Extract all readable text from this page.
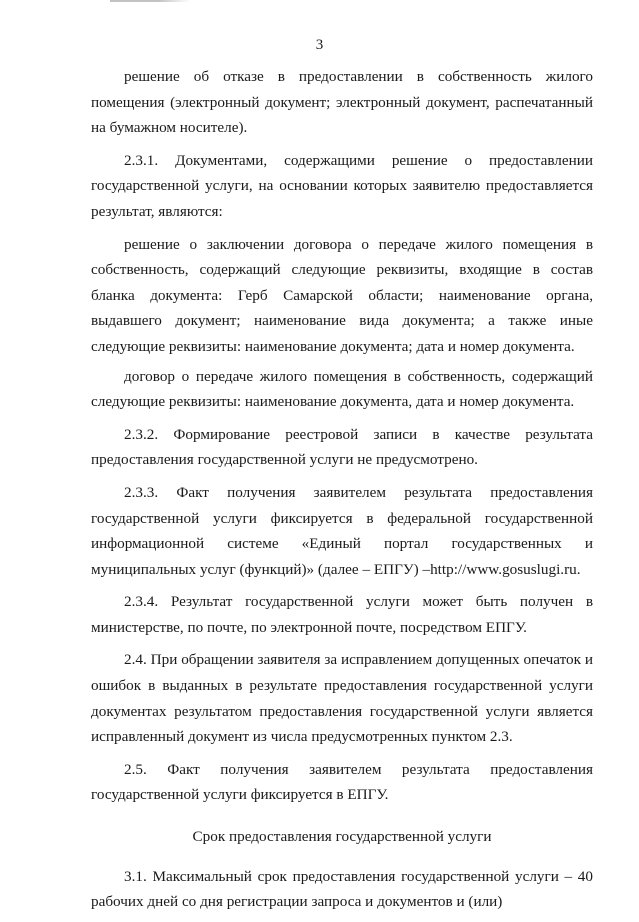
3

решение об отказе в предоставлении в собственность жилого помещения (электронный документ; электронный документ, распечатанный на бумажном носителе).

2.3.1. Документами, содержащими решение о предоставлении государственной услуги, на основании которых заявителю предоставляется результат, являются:

решение о заключении договора о передаче жилого помещения в собственность, содержащий следующие реквизиты, входящие в состав бланка документа: Герб Самарской области; наименование органа, выдавшего документ; наименование вида документа; а также иные следующие реквизиты: наименование документа; дата и номер документа.

договор о передаче жилого помещения в собственность, содержащий следующие реквизиты: наименование документа, дата и номер документа.

2.3.2. Формирование реестровой записи в качестве результата предоставления государственной услуги не предусмотрено.

2.3.3. Факт получения заявителем результата предоставления государственной услуги фиксируется в федеральной государственной информационной системе «Единый портал государственных и муниципальных услуг (функций)» (далее – ЕПГУ) –http://www.gosuslugi.ru.

2.3.4. Результат государственной услуги может быть получен в министерстве, по почте, по электронной почте, посредством ЕПГУ.

2.4. При обращении заявителя за исправлением допущенных опечаток и ошибок в выданных в результате предоставления государственной услуги документах результатом предоставления государственной услуги является исправленный документ из числа предусмотренных пунктом 2.3.

2.5. Факт получения заявителем результата предоставления государственной услуги фиксируется в ЕПГУ.

Срок предоставления государственной услуги

3.1. Максимальный срок предоставления государственной услуги – 40 рабочих дней со дня регистрации запроса и документов и (или)
